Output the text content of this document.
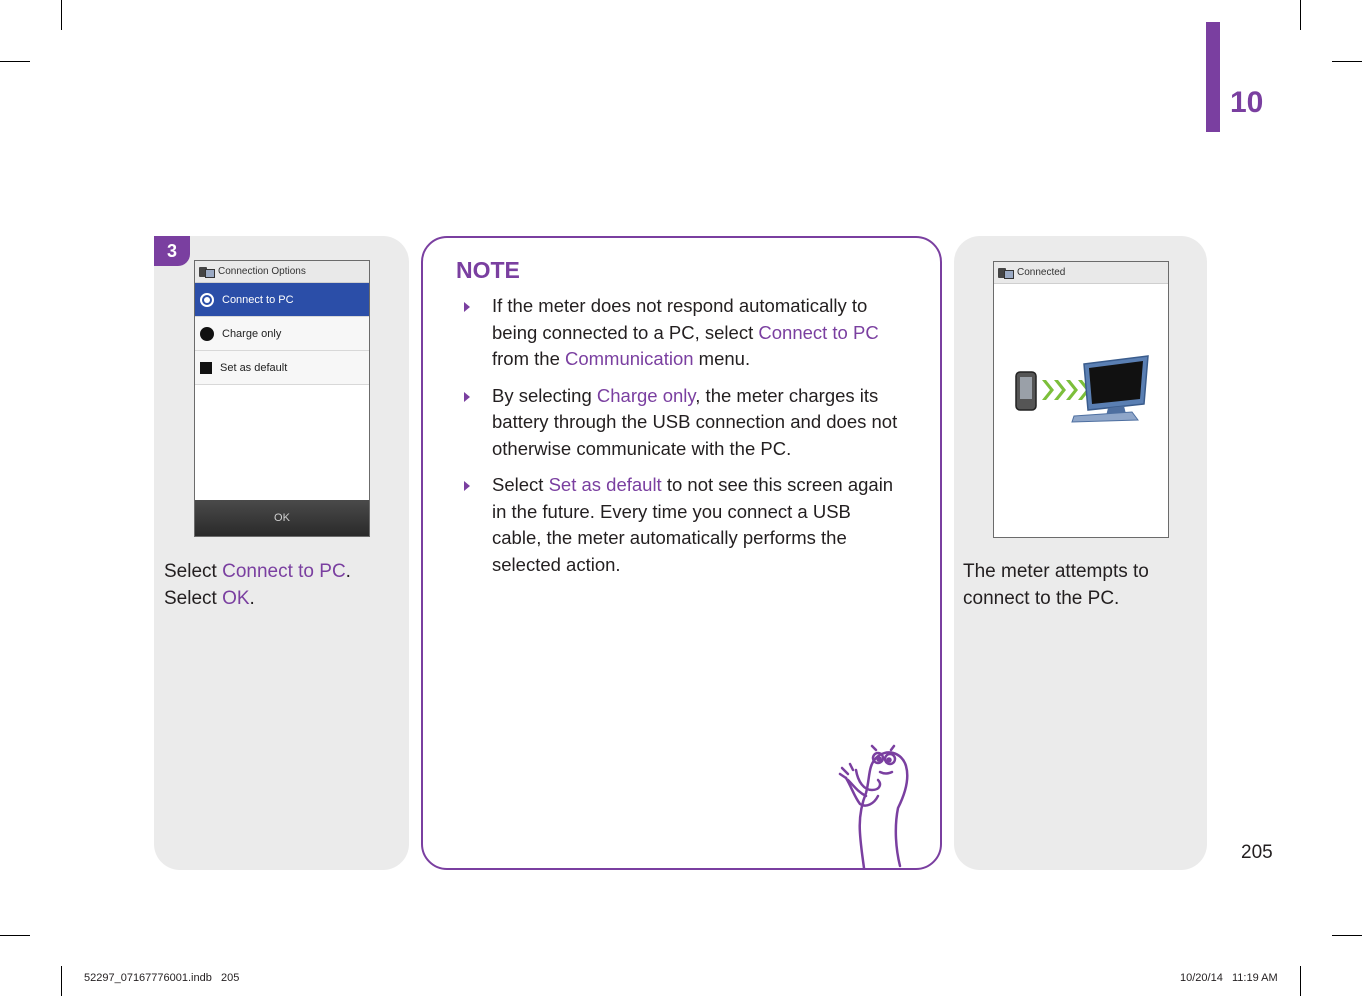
10
3
Connection Options
Connect to PC
Charge only
Set as default
OK
Select Connect to PC. Select OK.
NOTE
If the meter does not respond automatically to being connected to a PC, select Connect to PC from the Communication menu.
By selecting Charge only, the meter charges its battery through the USB connection and does not otherwise communicate with the PC.
Select Set as default to not see this screen again in the future. Every time you connect a USB cable, the meter automatically performs the selected action.
Connected
The meter attempts to connect to the PC.
205
52297_07167776001.indb   205	10/20/14   11:19 AM
